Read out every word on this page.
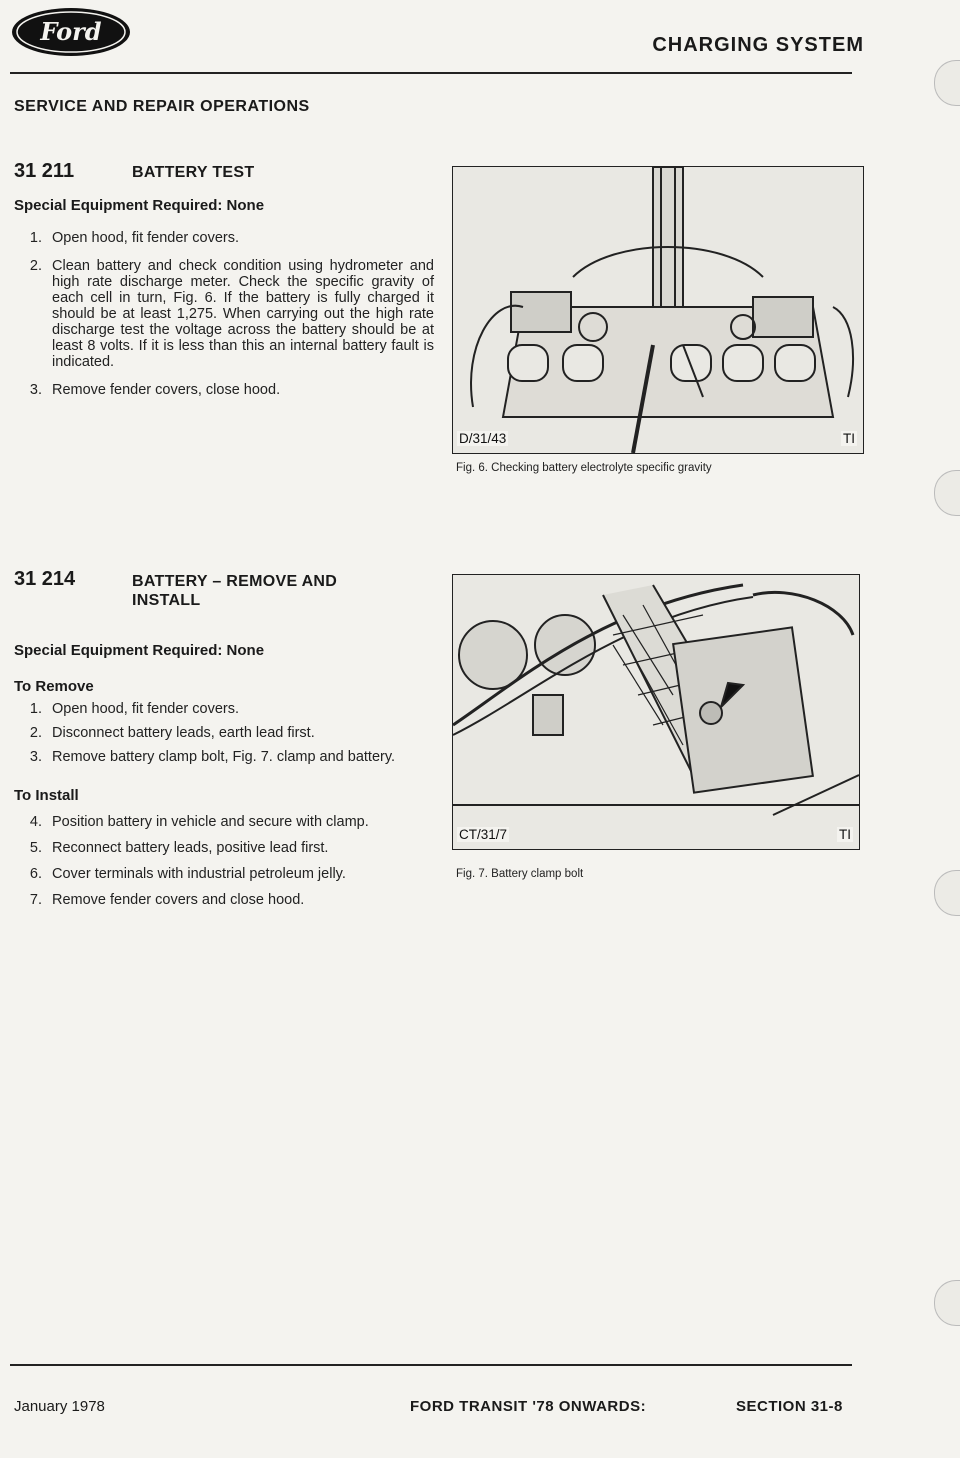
Ford	CHARGING SYSTEM
SERVICE AND REPAIR OPERATIONS
31 211	BATTERY TEST
Special Equipment Required: None
1. Open hood, fit fender covers.
2. Clean battery and check condition using hydrometer and high rate discharge meter. Check the specific gravity of each cell in turn, Fig. 6. If the battery is fully charged it should be at least 1,275. When carrying out the high rate discharge test the voltage across the battery should be at least 8 volts. If it is less than this an internal battery fault is indicated.
3. Remove fender covers, close hood.
31 214	BATTERY – REMOVE AND
INSTALL
Special Equipment Required: None
To Remove
1. Open hood, fit fender covers.
2. Disconnect battery leads, earth lead first.
3. Remove battery clamp bolt, Fig. 7. clamp and battery.
To Install
4. Position battery in vehicle and secure with clamp.
5. Reconnect battery leads, positive lead first.
6. Cover terminals with industrial petroleum jelly.
7. Remove fender covers and close hood.
D/31/43	TI
Fig. 6. Checking battery electrolyte specific gravity
CT/31/7	TI
Fig. 7. Battery clamp bolt
January 1978	FORD TRANSIT '78 ONWARDS:	SECTION 31-8
